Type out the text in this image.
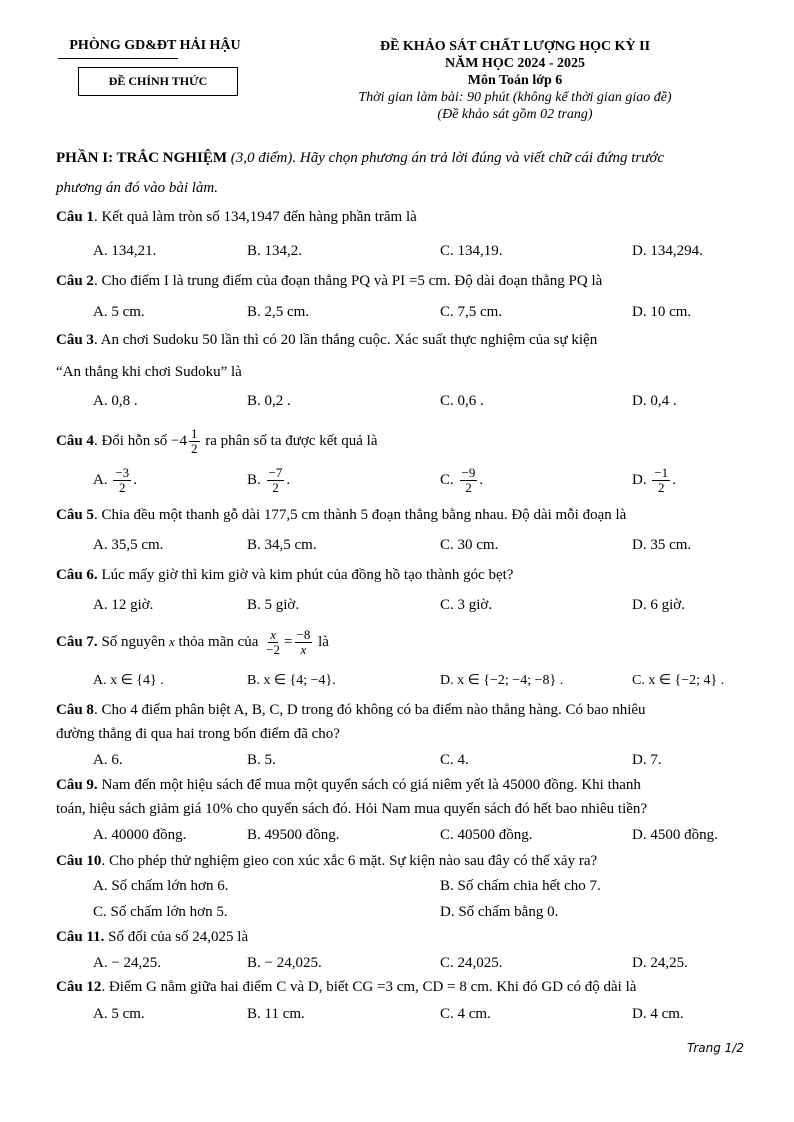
PHÒNG GD&ĐT HẢI HẬU
ĐỀ CHÍNH THỨC
ĐỀ KHẢO SÁT CHẤT LƯỢNG HỌC KỲ II
NĂM HỌC 2024 - 2025
Môn Toán lớp 6
Thời gian làm bài: 90 phút (không kể thời gian giao đề)
(Đề khảo sát gồm 02 trang)
PHẦN I: TRẮC NGHIỆM (3,0 điểm). Hãy chọn phương án trả lời đúng và viết chữ cái đứng trước
phương án đó vào bài làm.
Câu 1. Kết quả làm tròn số 134,1947 đến hàng phần trăm là
A. 134,21.	B. 134,2.	C. 134,19.	D. 134,294.
Câu 2. Cho điểm I là trung điểm của đoạn thẳng PQ và PI =5 cm. Độ dài đoạn thẳng PQ là
A. 5 cm.	B. 2,5 cm.	C. 7,5 cm.	D. 10 cm.
Câu 3. An chơi Sudoku 50 lần thì có 20 lần thắng cuộc. Xác suất thực nghiệm của sự kiện
“An thắng khi chơi Sudoku” là
A. 0,8 .	B. 0,2 .	C. 0,6 .	D. 0,4 .
Câu 4. Đổi hỗn số $-4 \frac{1}{2}$ ra phân số ta được kết quả là
A. $\frac{-3}{2}$ .	B. $\frac{-7}{2}$ .	C. $\frac{-9}{2}$ .	D. $\frac{-1}{2}$ .
Câu 5. Chia đều một thanh gỗ dài 177,5 cm thành 5 đoạn thẳng bằng nhau. Độ dài mỗi đoạn là
A. 35,5 cm.	B. 34,5 cm.	C. 30 cm.	D. 35 cm.
Câu 6. Lúc mấy giờ thì kim giờ và kim phút của đồng hồ tạo thành góc bẹt?
A. 12 giờ.	B. 5 giờ.	C. 3 giờ.	D. 6 giờ.
Câu 7. Số nguyên x thỏa mãn của $\frac{x}{-2} = \frac{-8}{x}$ là
A. x ∈ {4} .	B. x ∈ {4; −4}.	D. x ∈ {−2; −4; −8} .	C. x ∈ {−2; 4} .
Câu 8. Cho 4 điểm phân biệt A, B, C, D trong đó không có ba điểm nào thẳng hàng. Có bao nhiêu
đường thẳng đi qua hai trong bốn điểm đã cho?
A. 6.	B. 5.	C. 4.	D. 7.
Câu 9. Nam đến một hiệu sách để mua một quyển sách có giá niêm yết là 45000 đồng. Khi thanh
toán, hiệu sách giảm giá 10% cho quyển sách đó. Hỏi Nam mua quyển sách đó hết bao nhiêu tiền?
A. 40000 đồng.	B. 49500 đồng.	C. 40500 đồng.	D. 4500 đồng.
Câu 10. Cho phép thử nghiệm gieo con xúc xắc 6 mặt. Sự kiện nào sau đây có thể xảy ra?
A. Số chấm lớn hơn 6.	B. Số chấm chia hết cho 7.
C. Số chấm lớn hơn 5.	D. Số chấm bằng 0.
Câu 11. Số đối của số 24,025 là
A. − 24,25.	B. − 24,025.	C. 24,025.	D. 24,25.
Câu 12. Điểm G nằm giữa hai điểm C và D, biết CG =3 cm, CD = 8 cm. Khi đó GD có độ dài là
A. 5 cm.	B. 11 cm.	C. 4 cm.	D. 4 cm.
Trang 1/2
